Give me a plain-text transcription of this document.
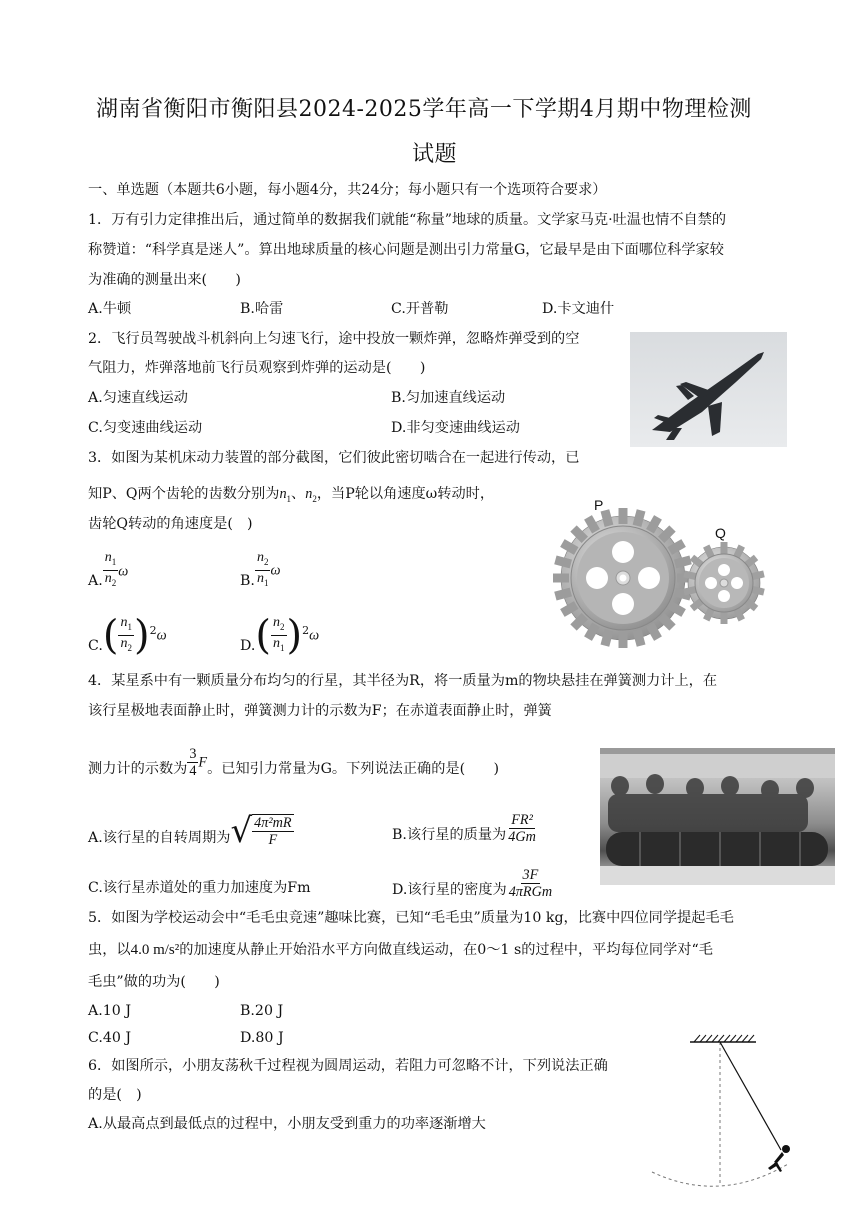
湖南省衡阳市衡阳县2024-2025学年高一下学期4月期中物理检测
试题
一、单选题（本题共6小题，每小题4分，共24分；每小题只有一个选项符合要求）
1．万有引力定律推出后，通过简单的数据我们就能“称量”地球的质量。文学家马克·吐温也情不自禁的
称赞道：“科学真是迷人”。算出地球质量的核心问题是测出引力常量G，它最早是由下面哪位科学家较
为准确的测量出来(　　)
A.牛顿	B.哈雷	C.开普勒	D.卡文迪什
2．飞行员驾驶战斗机斜向上匀速飞行，途中投放一颗炸弹，忽略炸弹受到的空
气阻力，炸弹落地前飞行员观察到炸弹的运动是(　　)
A.匀速直线运动	B.匀加速直线运动
C.匀变速曲线运动	D.非匀变速曲线运动
3．如图为某机床动力装置的部分截图，它们彼此密切啮合在一起进行传动，已
知P、Q两个齿轮的齿数分别为$n_1$、$n_2$，当P轮以角速度ω转动时，
齿轮Q转动的角速度是(　)
A. $\frac{n_1}{n_2}$ ω
B. $\frac{n_2}{n_1}$ ω
$C.( \frac{n_1}{n_2} )^2\omega$
$D.( \frac{n_2}{n_1} )^2\omega$
P
Q
4．某星系中有一颗质量分布均匀的行星，其半径为R，将一质量为m的物块悬挂在弹簧测力计上，在
该行星极地表面静止时，弹簧测力计的示数为F；在赤道表面静止时，弹簧
测力计的示数为 $\frac{3}{4}$ F。已知引力常量为G。下列说法正确的是(　　)
A.该行星的自转周期为 √ $\frac{\text{4π²mR}}{F}$	B.该行星的质量为 $\frac{\text{FR²}}{4Gm}$
C.该行星赤道处的重力加速度为Fm	D.该行星的密度为 $\frac{3F}{\text{4πRGm}}$
5．如图为学校运动会中“毛毛虫竞速”趣味比赛，已知“毛毛虫”质量为10 kg，比赛中四位同学提起毛毛
虫，以4.0 m/s²的加速度从静止开始沿水平方向做直线运动，在0～1 s的过程中，平均每位同学对“毛
毛虫”做的功为(　　)
A.10 J	B.20 J
C.40 J	D.80 J
6．如图所示，小朋友荡秋千过程视为圆周运动，若阻力可忽略不计，下列说法正确
的是(　)
A.从最高点到最低点的过程中，小朋友受到重力的功率逐渐增大
